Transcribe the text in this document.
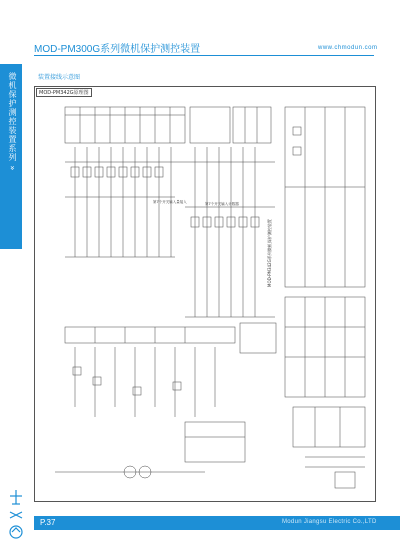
微机保护测控装置系列 »
MOD-PM300G系列微机保护测控装置	www.chmodun.com
装置接线示意图
第7个开关输入量接入	第7个开关输入计数器
MOD-PM342G系列微机保护测控装置
MOD-PM342G原理图
P.37	Modun Jiangsu Electric Co.,LTD
